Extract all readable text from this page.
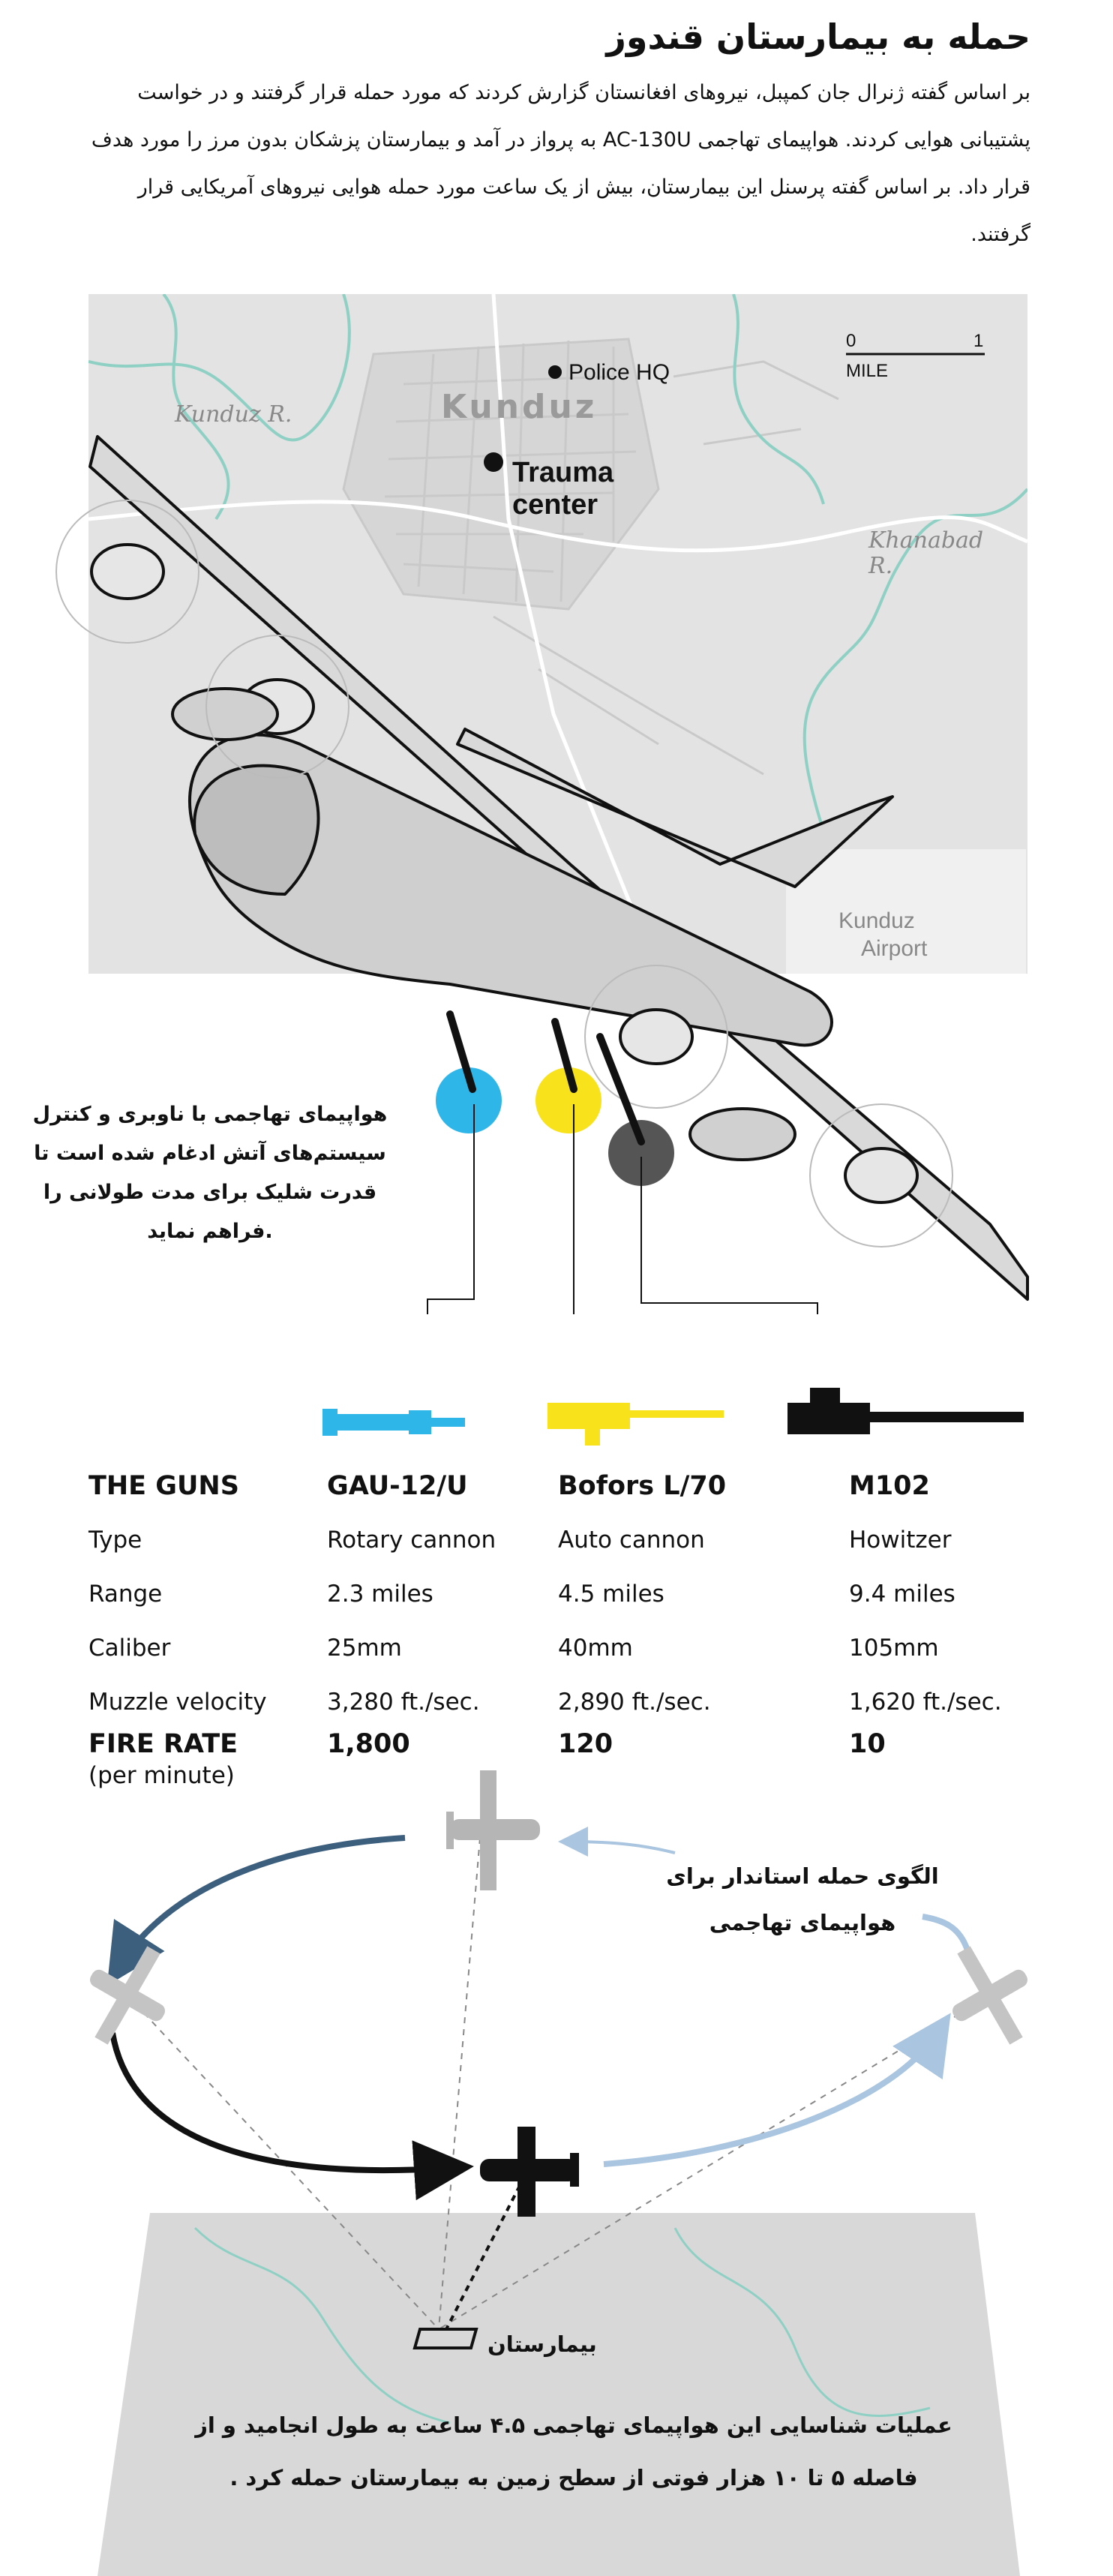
حمله به بیمارستان قندوز

بر اساس گفته ژنرال جان کمپبل، نیروهای افغانستان گزارش کردند که مورد حمله قرار گرفتند و در خواست پشتیبانی هوایی کردند. هواپیمای تهاجمی AC-130U به پرواز در آمد و بیمارستان پزشکان بدون مرز را مورد هدف قرار داد. بر اساس گفته پرسنل این بیمارستان، بیش از یک ساعت مورد حمله هوایی نیروهای آمریکایی قرار گرفتند.

Kunduz
Airport
Kunduz
Police HQ
Trauma
center
Kunduz R.
Khanabad
R.
0	1
MILE

هواپیمای تهاجمی با ناوبری و کنترل سیستم‌های آتش ادغام شده است تا قدرت شلیک برای مدت طولانی را .فراهم نماید

THE GUNS	GAU-12/U	Bofors L/70	M102
Type	Rotary cannon	Auto cannon	Howitzer
Range	2.3 miles	4.5 miles	9.4 miles
Caliber	25mm	40mm	105mm
Muzzle velocity	3,280 ft./sec.	2,890 ft./sec.	1,620 ft./sec.
FIRE RATE
(per minute)	1,800	120	10

الگوی حمله استاندار برای هواپیمای تهاجمی

بیمارستان

عملیات شناسایی این هواپیمای تهاجمی ۴.۵ ساعت به طول انجامید و از فاصله ۵ تا ۱۰ هزار فوتی از سطح زمین به بیمارستان حمله کرد .
